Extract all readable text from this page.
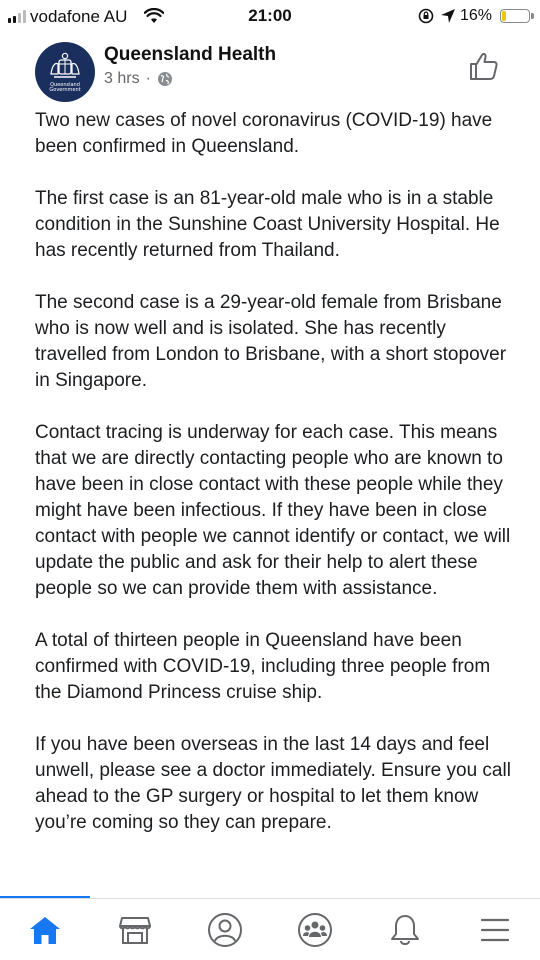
vodafone AU	21:00	16%
Queensland Government
Queensland Health
3 hrs ·

Two new cases of novel coronavirus (COVID-19) have been confirmed in Queensland.

The first case is an 81-year-old male who is in a stable condition in the Sunshine Coast University Hospital. He has recently returned from Thailand.

The second case is a 29-year-old female from Brisbane who is now well and is isolated. She has recently travelled from London to Brisbane, with a short stopover in Singapore.

Contact tracing is underway for each case. This means that we are directly contacting people who are known to have been in close contact with these people while they might have been infectious. If they have been in close contact with people we cannot identify or contact, we will update the public and ask for their help to alert these people so we can provide them with assistance.

A total of thirteen people in Queensland have been confirmed with COVID-19, including three people from the Diamond Princess cruise ship.

If you have been overseas in the last 14 days and feel unwell, please see a doctor immediately. Ensure you call ahead to the GP surgery or hospital to let them know you’re coming so they can prepare.
